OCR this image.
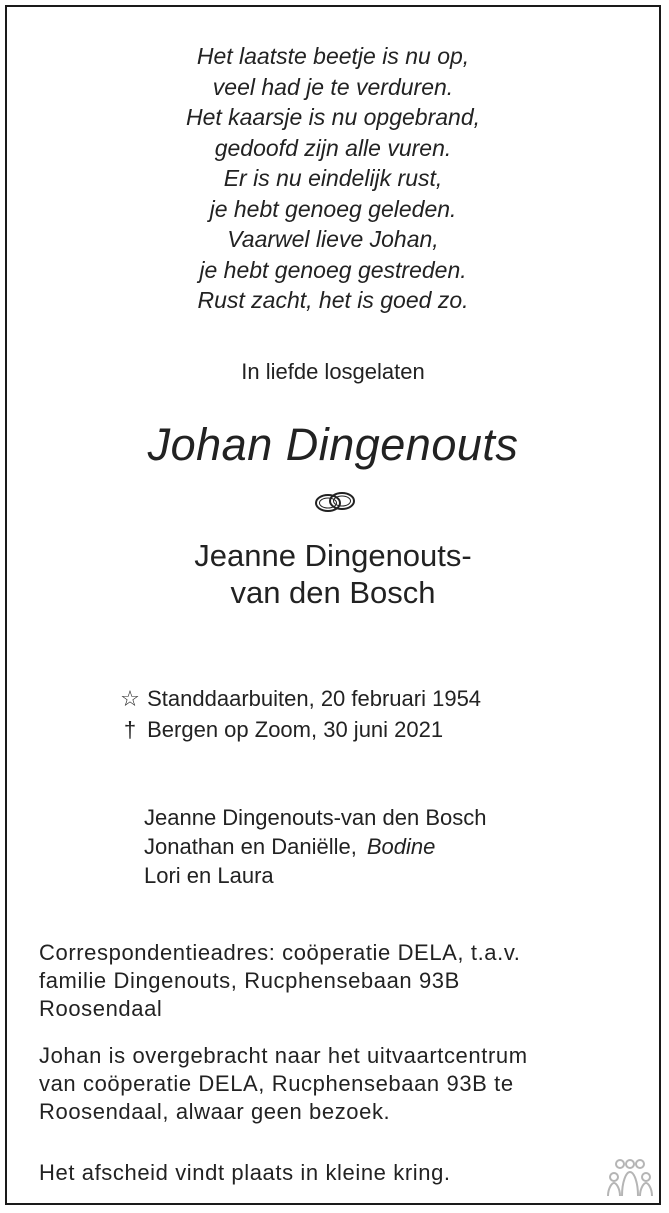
Het laatste beetje is nu op,
veel had je te verduren.
Het kaarsje is nu opgebrand,
gedoofd zijn alle vuren.
Er is nu eindelijk rust,
je hebt genoeg geleden.
Vaarwel lieve Johan,
je hebt genoeg gestreden.
Rust zacht, het is goed zo.
In liefde losgelaten
Johan Dingenouts
Jeanne Dingenouts-
van den Bosch
☆ Standdaarbuiten, 20 februari 1954
† Bergen op Zoom, 30 juni 2021
Jeanne Dingenouts-van den Bosch
Jonathan en Daniëlle, Bodine
Lori en Laura
Correspondentieadres: coöperatie DELA, t.a.v.
familie Dingenouts, Rucphensebaan 93B
Roosendaal
Johan is overgebracht naar het uitvaartcentrum
van coöperatie DELA, Rucphensebaan 93B te
Roosendaal, alwaar geen bezoek.
Het afscheid vindt plaats in kleine kring.
